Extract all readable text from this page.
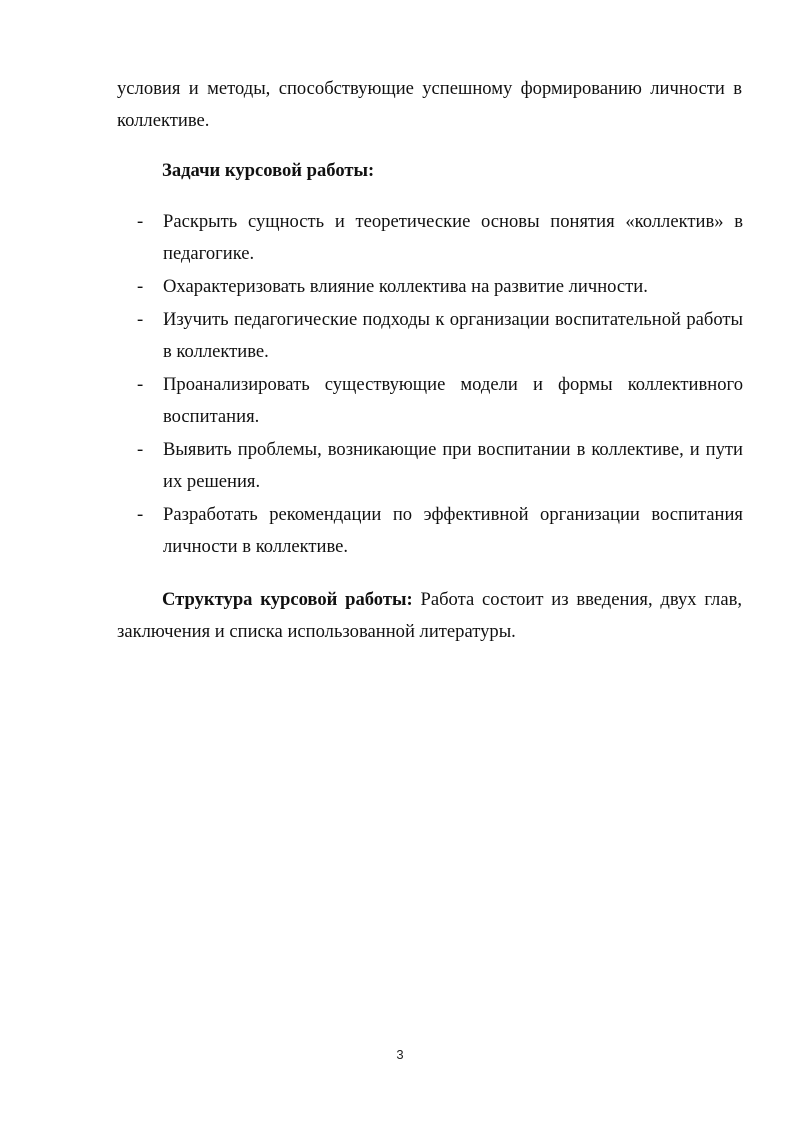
условия и методы, способствующие успешному формированию личности в коллективе.

Задачи курсовой работы:
- Раскрыть сущность и теоретические основы понятия «коллектив» в педагогике.
- Охарактеризовать влияние коллектива на развитие личности.
- Изучить педагогические подходы к организации воспитательной работы в коллективе.
- Проанализировать существующие модели и формы коллективного воспитания.
- Выявить проблемы, возникающие при воспитании в коллективе, и пути их решения.
- Разработать рекомендации по эффективной организации воспитания личности в коллективе.

Структура курсовой работы: Работа состоит из введения, двух глав, заключения и списка использованной литературы.

3
